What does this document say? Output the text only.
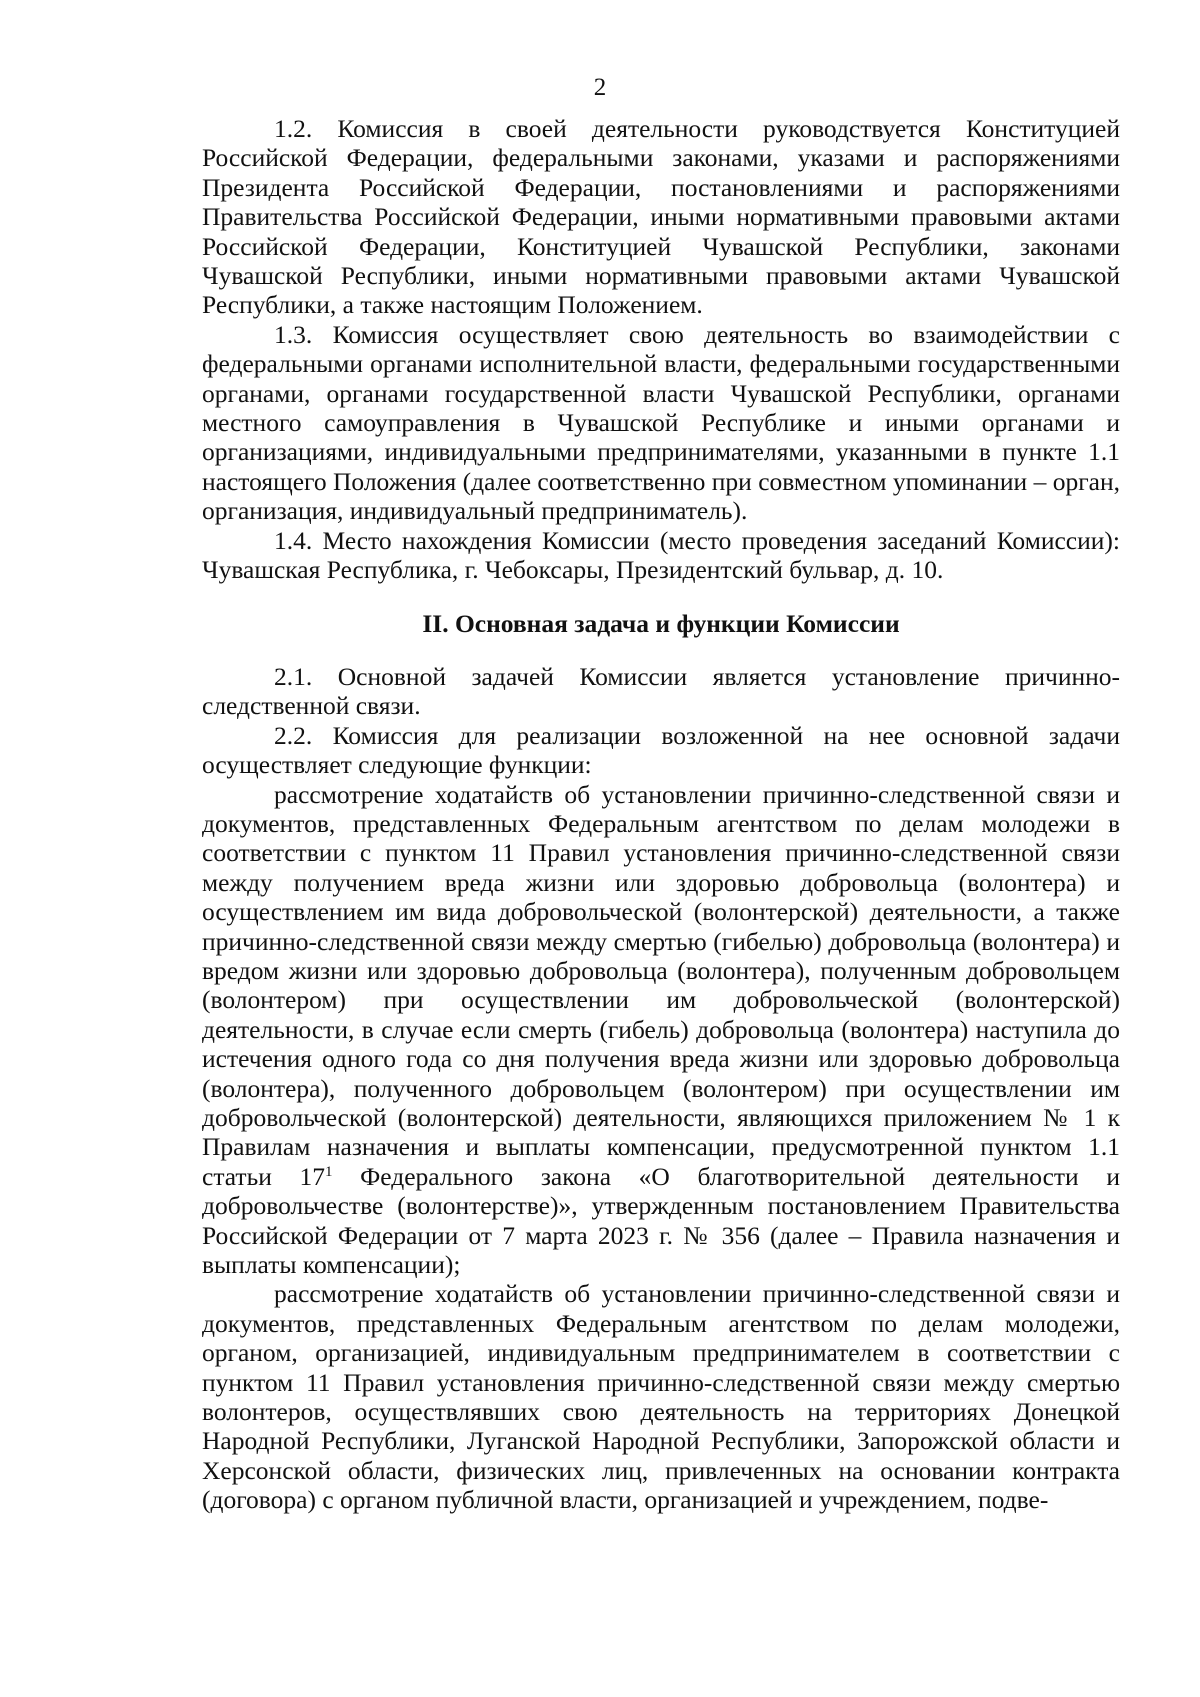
2

1.2. Комиссия в своей деятельности руководствуется Конституцией Российской Федерации, федеральными законами, указами и распоряжениями Президента Российской Федерации, постановлениями и распоряжениями Правительства Российской Федерации, иными нормативными правовыми актами Российской Федерации, Конституцией Чувашской Республики, законами Чувашской Республики, иными нормативными правовыми актами Чувашской Республики, а также настоящим Положением.

1.3. Комиссия осуществляет свою деятельность во взаимодействии с федеральными органами исполнительной власти, федеральными государственными органами, органами государственной власти Чувашской Республики, органами местного самоуправления в Чувашской Республике и иными органами и организациями, индивидуальными предпринимателями, указанными в пункте 1.1 настоящего Положения (далее соответственно при совместном упоминании – орган, организация, индивидуальный предприниматель).

1.4. Место нахождения Комиссии (место проведения заседаний Комиссии): Чувашская Республика, г. Чебоксары, Президентский бульвар, д. 10.

II. Основная задача и функции Комиссии

2.1. Основной задачей Комиссии является установление причинно-следственной связи.

2.2. Комиссия для реализации возложенной на нее основной задачи осуществляет следующие функции:

рассмотрение ходатайств об установлении причинно-следственной связи и документов, представленных Федеральным агентством по делам молодежи в соответствии с пунктом 11 Правил установления причинно-следственной связи между получением вреда жизни или здоровью добровольца (волонтера) и осуществлением им вида добровольческой (волонтерской) деятельности, а также причинно-следственной связи между смертью (гибелью) добровольца (волонтера) и вредом жизни или здоровью добровольца (волонтера), полученным добровольцем (волонтером) при осуществлении им добровольческой (волонтерской) деятельности, в случае если смерть (гибель) добровольца (волонтера) наступила до истечения одного года со дня получения вреда жизни или здоровью добровольца (волонтера), полученного добровольцем (волонтером) при осуществлении им добровольческой (волонтерской) деятельности, являющихся приложением № 1 к Правилам назначения и выплаты компенсации, предусмотренной пунктом 1.1 статьи $17^1$ Федерального закона «О благотворительной деятельности и добровольчестве (волонтерстве)», утвержденным постановлением Правительства Российской Федерации от 7 марта 2023 г. № 356 (далее – Правила назначения и выплаты компенсации);

рассмотрение ходатайств об установлении причинно-следственной связи и документов, представленных Федеральным агентством по делам молодежи, органом, организацией, индивидуальным предпринимателем в соответствии с пунктом 11 Правил установления причинно-следственной связи между смертью волонтеров, осуществлявших свою деятельность на территориях Донецкой Народной Республики, Луганской Народной Республики, Запорожской области и Херсонской области, физических лиц, привлеченных на основании контракта (договора) с органом публичной власти, организацией и учреждением, подве-
